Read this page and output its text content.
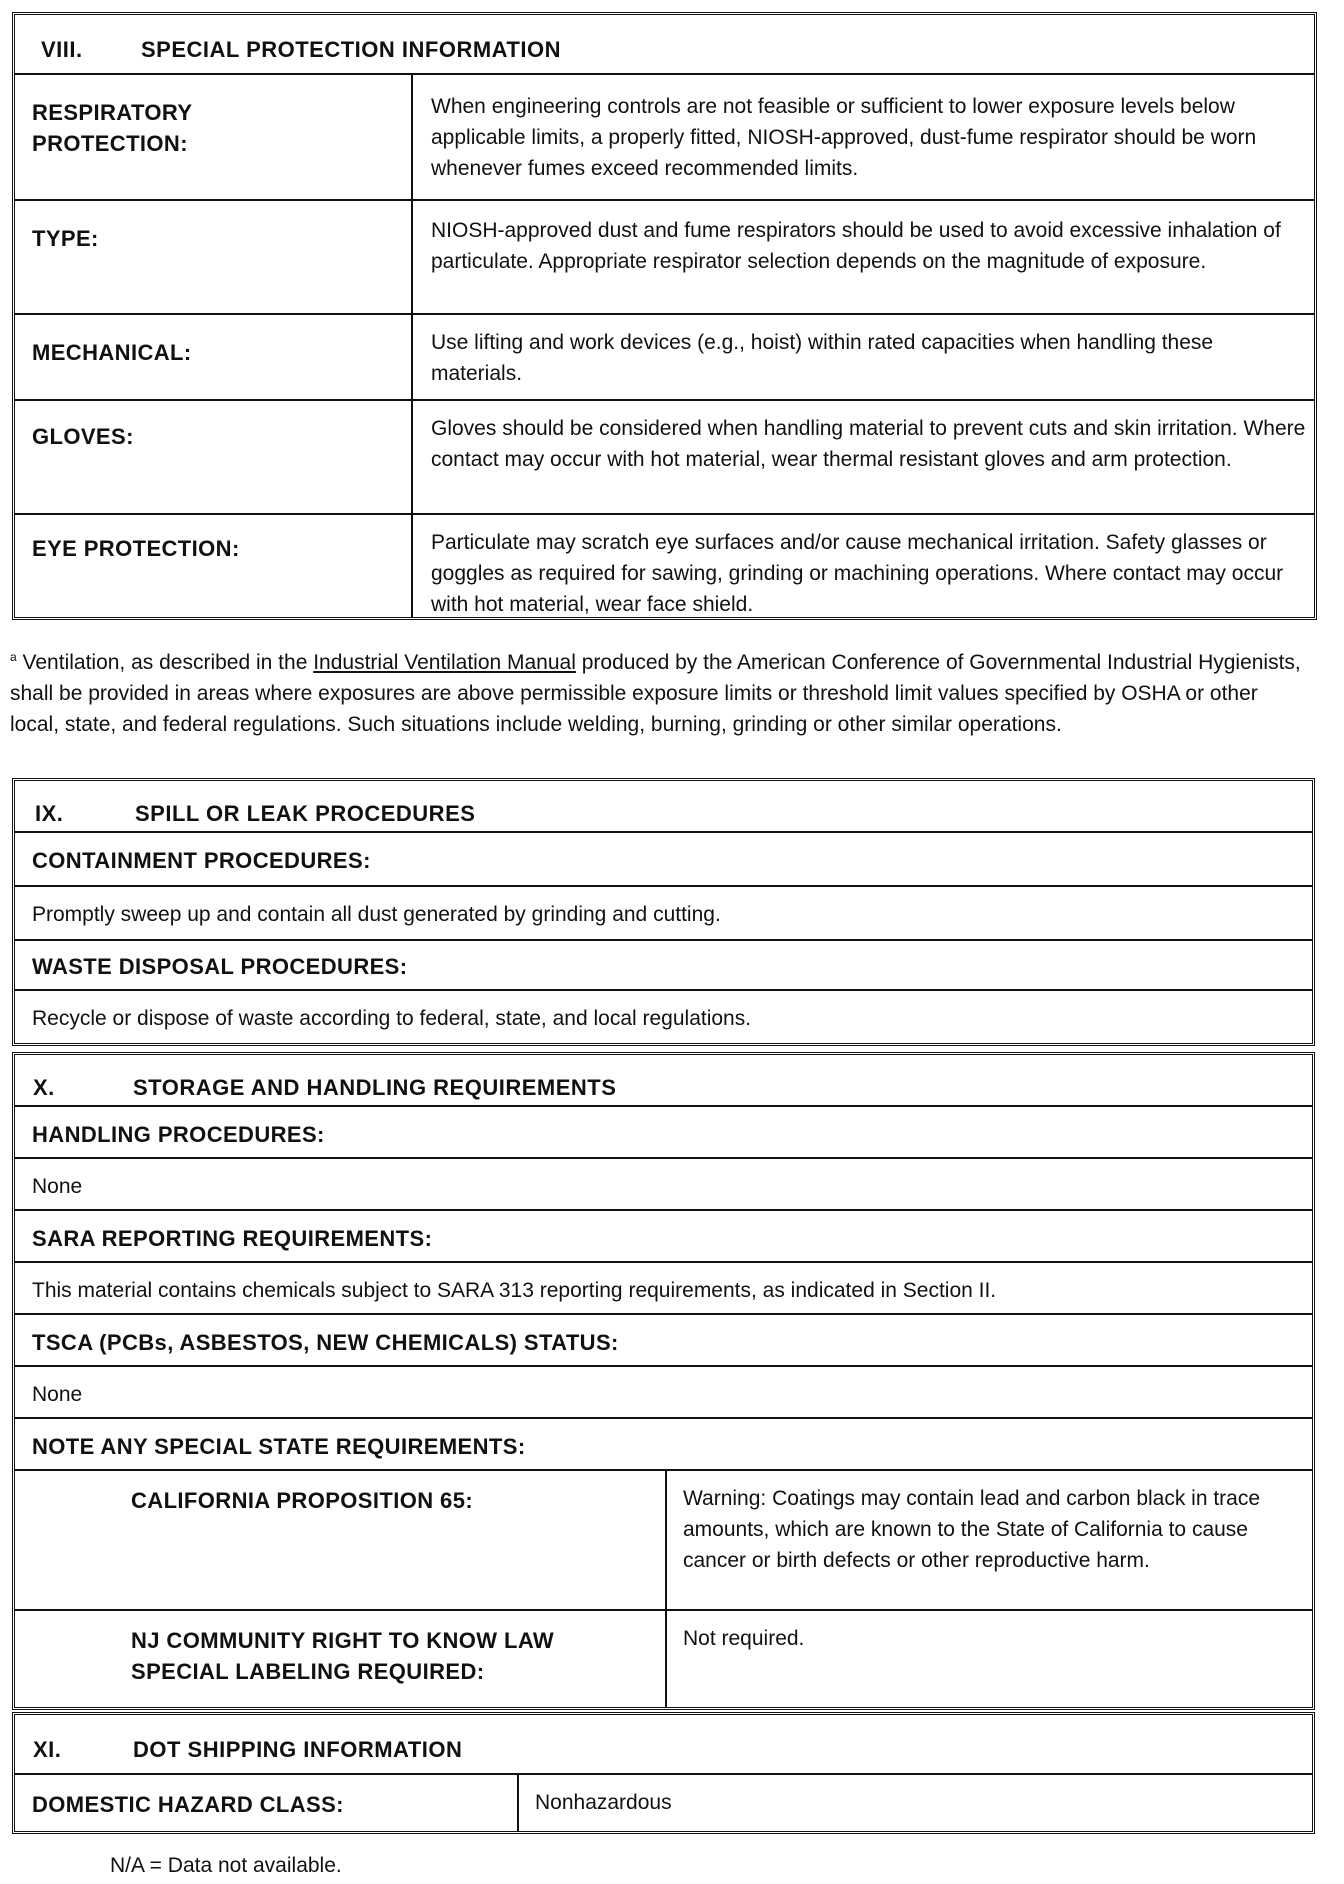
VIII.	SPECIAL PROTECTION INFORMATION
RESPIRATORY
PROTECTION:
When engineering controls are not feasible or sufficient to lower exposure levels below applicable limits, a properly fitted, NIOSH-approved, dust-fume respirator should be worn whenever fumes exceed recommended limits.
TYPE:	NIOSH-approved dust and fume respirators should be used to avoid excessive inhalation of particulate. Appropriate respirator selection depends on the magnitude of exposure.
MECHANICAL:	Use lifting and work devices (e.g., hoist) within rated capacities when handling these materials.
GLOVES:	Gloves should be considered when handling material to prevent cuts and skin irritation. Where contact may occur with hot material, wear thermal resistant gloves and arm protection.
EYE PROTECTION:	Particulate may scratch eye surfaces and/or cause mechanical irritation. Safety glasses or goggles as required for sawing, grinding or machining operations. Where contact may occur with hot material, wear face shield.
$^a$ Ventilation, as described in the Industrial Ventilation Manual produced by the American Conference of Governmental Industrial Hygienists, shall be provided in areas where exposures are above permissible exposure limits or threshold limit values specified by OSHA or other local, state, and federal regulations. Such situations include welding, burning, grinding or other similar operations.
IX.	SPILL OR LEAK PROCEDURES
CONTAINMENT PROCEDURES:
Promptly sweep up and contain all dust generated by grinding and cutting.
WASTE DISPOSAL PROCEDURES:
Recycle or dispose of waste according to federal, state, and local regulations.
X.	STORAGE AND HANDLING REQUIREMENTS
HANDLING PROCEDURES:
None
SARA REPORTING REQUIREMENTS:
This material contains chemicals subject to SARA 313 reporting requirements, as indicated in Section II.
TSCA (PCBs, ASBESTOS, NEW CHEMICALS) STATUS:
None
NOTE ANY SPECIAL STATE REQUIREMENTS:
CALIFORNIA PROPOSITION 65:	Warning: Coatings may contain lead and carbon black in trace amounts, which are known to the State of California to cause cancer or birth defects or other reproductive harm.
NJ COMMUNITY RIGHT TO KNOW LAW
SPECIAL LABELING REQUIRED:
Not required.
XI.	DOT SHIPPING INFORMATION
DOMESTIC HAZARD CLASS:	Nonhazardous
N/A = Data not available.
